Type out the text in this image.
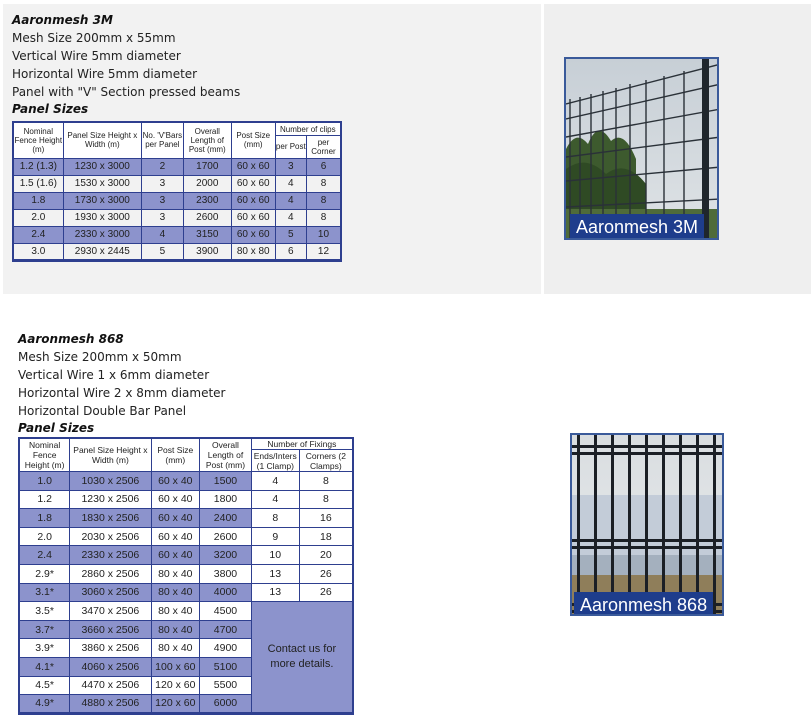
Aaronmesh 3M
Mesh Size 200mm x 55mm
Vertical Wire 5mm diameter
Horizontal Wire 5mm diameter
Panel with "V" Section pressed beams
Panel Sizes
Nominal Fence Height (m)	Panel Size Height x Width (m)	No. 'V'Bars per Panel	Overall Length of Post (mm)	Post Size (mm)	Number of clips	
					per Post	per Corner
1.2 (1.3)	1230 x 3000	2	1700	60 x 60	3	6
1.5 (1.6)	1530 x 3000	3	2000	60 x 60	4	8
1.8	1730 x 3000	3	2300	60 x 60	4	8
2.0	1930 x 3000	3	2600	60 x 60	4	8
2.4	2330 x 3000	4	3150	60 x 60	5	10
3.0	2930 x 2445	5	3900	80 x 80	6	12
Aaronmesh 3M
Aaronmesh 868
Mesh Size 200mm x 50mm
Vertical Wire 1 x 6mm diameter
Horizontal Wire 2 x 8mm diameter
Horizontal Double Bar Panel
Panel Sizes
Nominal Fence Height (m)	Panel Size Height x Width (m)	Post Size (mm)	Overall Length of Post (mm)	Number of Fixings	
				Ends/Inters (1 Clamp)	Corners (2 Clamps)
1.0	1030 x 2506	60 x 40	1500	4	8
1.2	1230 x 2506	60 x 40	1800	4	8
1.8	1830 x 2506	60 x 40	2400	8	16
2.0	2030 x 2506	60 x 40	2600	9	18
2.4	2330 x 2506	60 x 40	3200	10	20
2.9*	2860 x 2506	80 x 40	3800	13	26
3.1*	3060 x 2506	80 x 40	4000	13	26
3.5*	3470 x 2506	80 x 40	4500	Contact us for more details.	
3.7*	3660 x 2506	80 x 40	4700		
3.9*	3860 x 2506	80 x 40	4900		
4.1*	4060 x 2506	100 x 60	5100		
4.5*	4470 x 2506	120 x 60	5500		
4.9*	4880 x 2506	120 x 60	6000		
Aaronmesh 868
